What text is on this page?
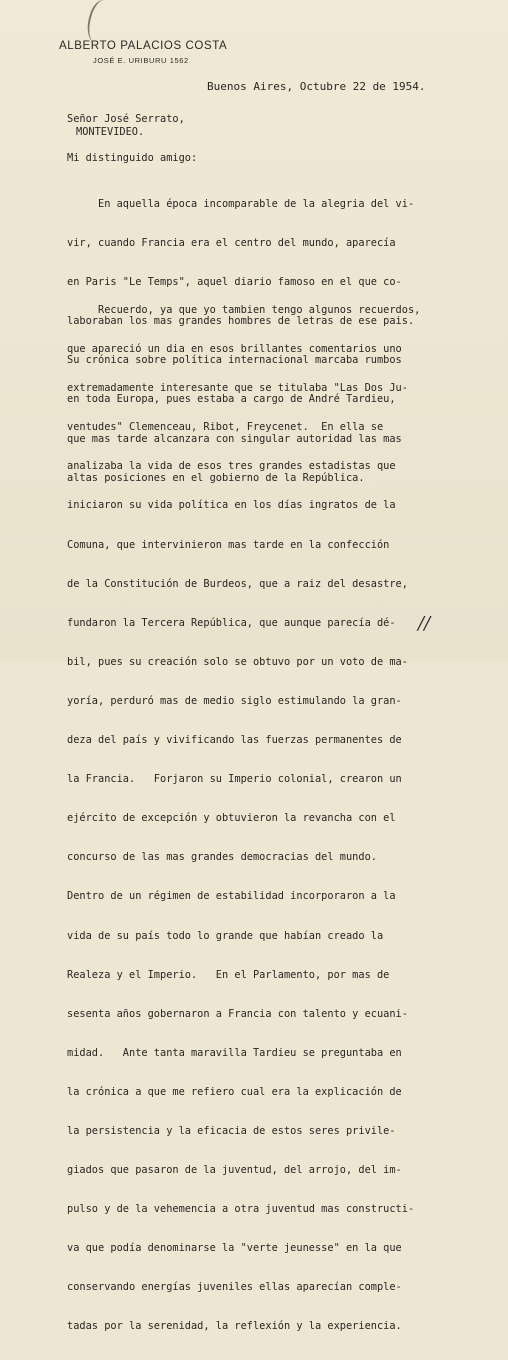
ALBERTO PALACIOS COSTA
JOSÉ E. URIBURU 1562
Buenos Aires, Octubre 22 de 1954.
Señor José Serrato,
MONTEVIDEO.
Mi distinguido amigo:

En aquella época incomparable de la alegria del vi-

vir, cuando Francia era el centro del mundo, aparecía

en Paris "Le Temps", aquel diario famoso en el que co-

laboraban los mas grandes hombres de letras de ese pais.

Su crónica sobre política internacional marcaba rumbos

en toda Europa, pues estaba a cargo de André Tardieu,

que mas tarde alcanzara con singular autoridad las mas

altas posiciones en el gobierno de la República.

Recuerdo, ya que yo tambien tengo algunos recuerdos,

que apareció un dia en esos brillantes comentarios uno

extremadamente interesante que se titulaba "Las Dos Ju-

ventudes" Clemenceau, Ribot, Freycenet.  En ella se

analizaba la vida de esos tres grandes estadistas que

iniciaron su vida política en los días ingratos de la

Comuna, que intervinieron mas tarde en la confección

de la Constitución de Burdeos, que a raiz del desastre,

fundaron la Tercera República, que aunque parecía dé-

bil, pues su creación solo se obtuvo por un voto de ma-

yoría, perduró mas de medio siglo estimulando la gran-

deza del país y vivificando las fuerzas permanentes de

la Francia.   Forjaron su Imperio colonial, crearon un

ejército de excepción y obtuvieron la revancha con el

concurso de las mas grandes democracias del mundo.

Dentro de un régimen de estabilidad incorporaron a la

vida de su país todo lo grande que habían creado la

Realeza y el Imperio.   En el Parlamento, por mas de

sesenta años gobernaron a Francia con talento y ecuani-

midad.   Ante tanta maravilla Tardieu se preguntaba en

la crónica a que me refiero cual era la explicación de

la persistencia y la eficacia de estos seres privile-

giados que pasaron de la juventud, del arrojo, del im-

pulso y de la vehemencia a otra juventud mas constructi-

va que podía denominarse la "verte jeunesse" en la que

conservando energías juveniles ellas aparecían comple-

tadas por la serenidad, la reflexión y la experiencia.

//
